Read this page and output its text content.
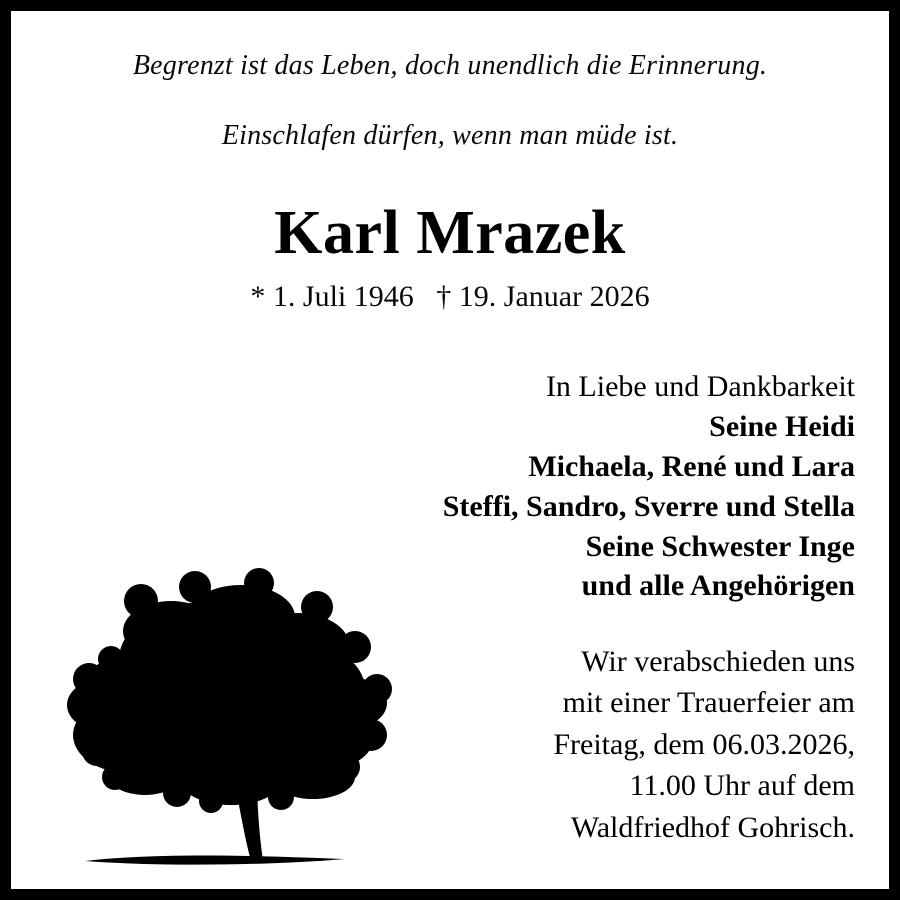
Begrenzt ist das Leben, doch unendlich die Erinnerung.
Einschlafen dürfen, wenn man müde ist.
Karl Mrazek
* 1. Juli 1946   † 19. Januar 2026
In Liebe und Dankbarkeit
Seine Heidi
Michaela, René und Lara
Steffi, Sandro, Sverre und Stella
Seine Schwester Inge
und alle Angehörigen
Wir verabschieden uns
mit einer Trauerfeier am
Freitag, dem 06.03.2026,
11.00 Uhr auf dem
Waldfriedhof Gohrisch.
